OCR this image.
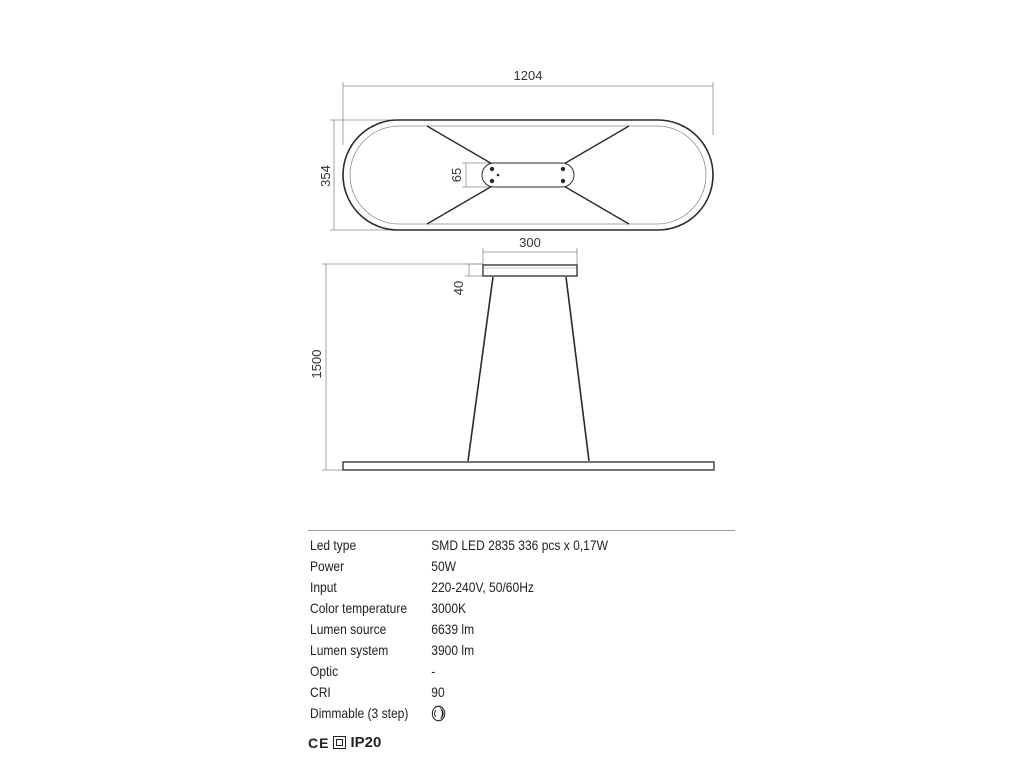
1204
354	65
300
40
1500
Led type	SMD LED 2835 336 pcs x 0,17W
Power	50W
Input	220-240V, 50/60Hz
Color temperature	3000K
Lumen source	6639 lm
Lumen system	3900 lm
Optic	-
CRI	90
Dimmable (3 step)
CE IP20
